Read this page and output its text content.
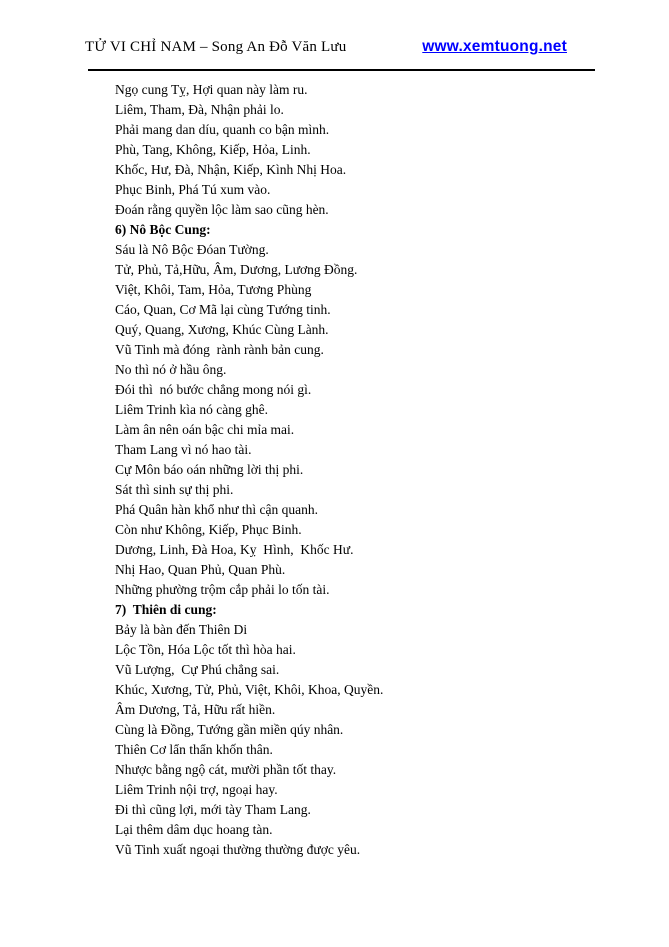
TỬ VI CHỈ NAM – Song An Đỗ Văn Lưu	www.xemtuong.net

Ngọ cung Tỵ, Hợi quan này làm ru.

Liêm, Tham, Đà, Nhận phải lo.

Phải mang dan díu, quanh co bận mình.

Phù, Tang, Không, Kiếp, Hỏa, Linh.

Khốc, Hư, Đà, Nhận, Kiếp, Kình Nhị Hoa.

Phục Binh, Phá Tú xum vào.

Đoán rằng quyền lộc làm sao cũng hèn.

6) Nô Bộc Cung:

Sáu là Nô Bộc Đóan Tường.

Tử, Phủ, Tả,Hữu, Âm, Dương, Lương Đồng.

Việt, Khôi, Tam, Hỏa, Tương Phùng

Cáo, Quan, Cơ Mã lại cùng Tướng tinh.

Quý, Quang, Xương, Khúc Cùng Lành.

Vũ Tinh mà đóng  rành rành bản cung.

No thì nó ở hầu ông.

Đói thì  nó bước chẳng mong nói gì.

Liêm Trinh kìa nó càng ghê.

Làm ân nên oán bậc chi mỉa mai.

Tham Lang vì nó hao tài.

Cự Môn báo oán những lời thị phi.

Sát thì sinh sự thị phi.

Phá Quân hàn khổ như thì cận quanh.

Còn như Không, Kiếp, Phục Binh.

Dương, Linh, Đà Hoa, Kỵ  Hình,  Khốc Hư.

Nhị Hao, Quan Phủ, Quan Phù.

Những phường trộm cắp phải lo tốn tài.

7)  Thiên di cung:

Bảy là bàn đến Thiên Di

Lộc Tồn, Hóa Lộc tốt thì hòa hai.

Vũ Lượng,  Cự Phú chẳng sai.

Khúc, Xương, Tử, Phủ, Việt, Khôi, Khoa, Quyền.

Âm Dương, Tả, Hữu rất hiền.

Cùng là Đồng, Tướng gần miền qúy nhân.

Thiên Cơ lẩn thẩn khốn thân.

Nhược bằng ngộ cát, mười phần tốt thay.

Liêm Trinh nội trợ, ngoại hay.

Đi thì cũng lợi, mới tày Tham Lang.

Lại thêm dâm dục hoang tàn.

Vũ Tinh xuất ngoại thường thường được yêu.
